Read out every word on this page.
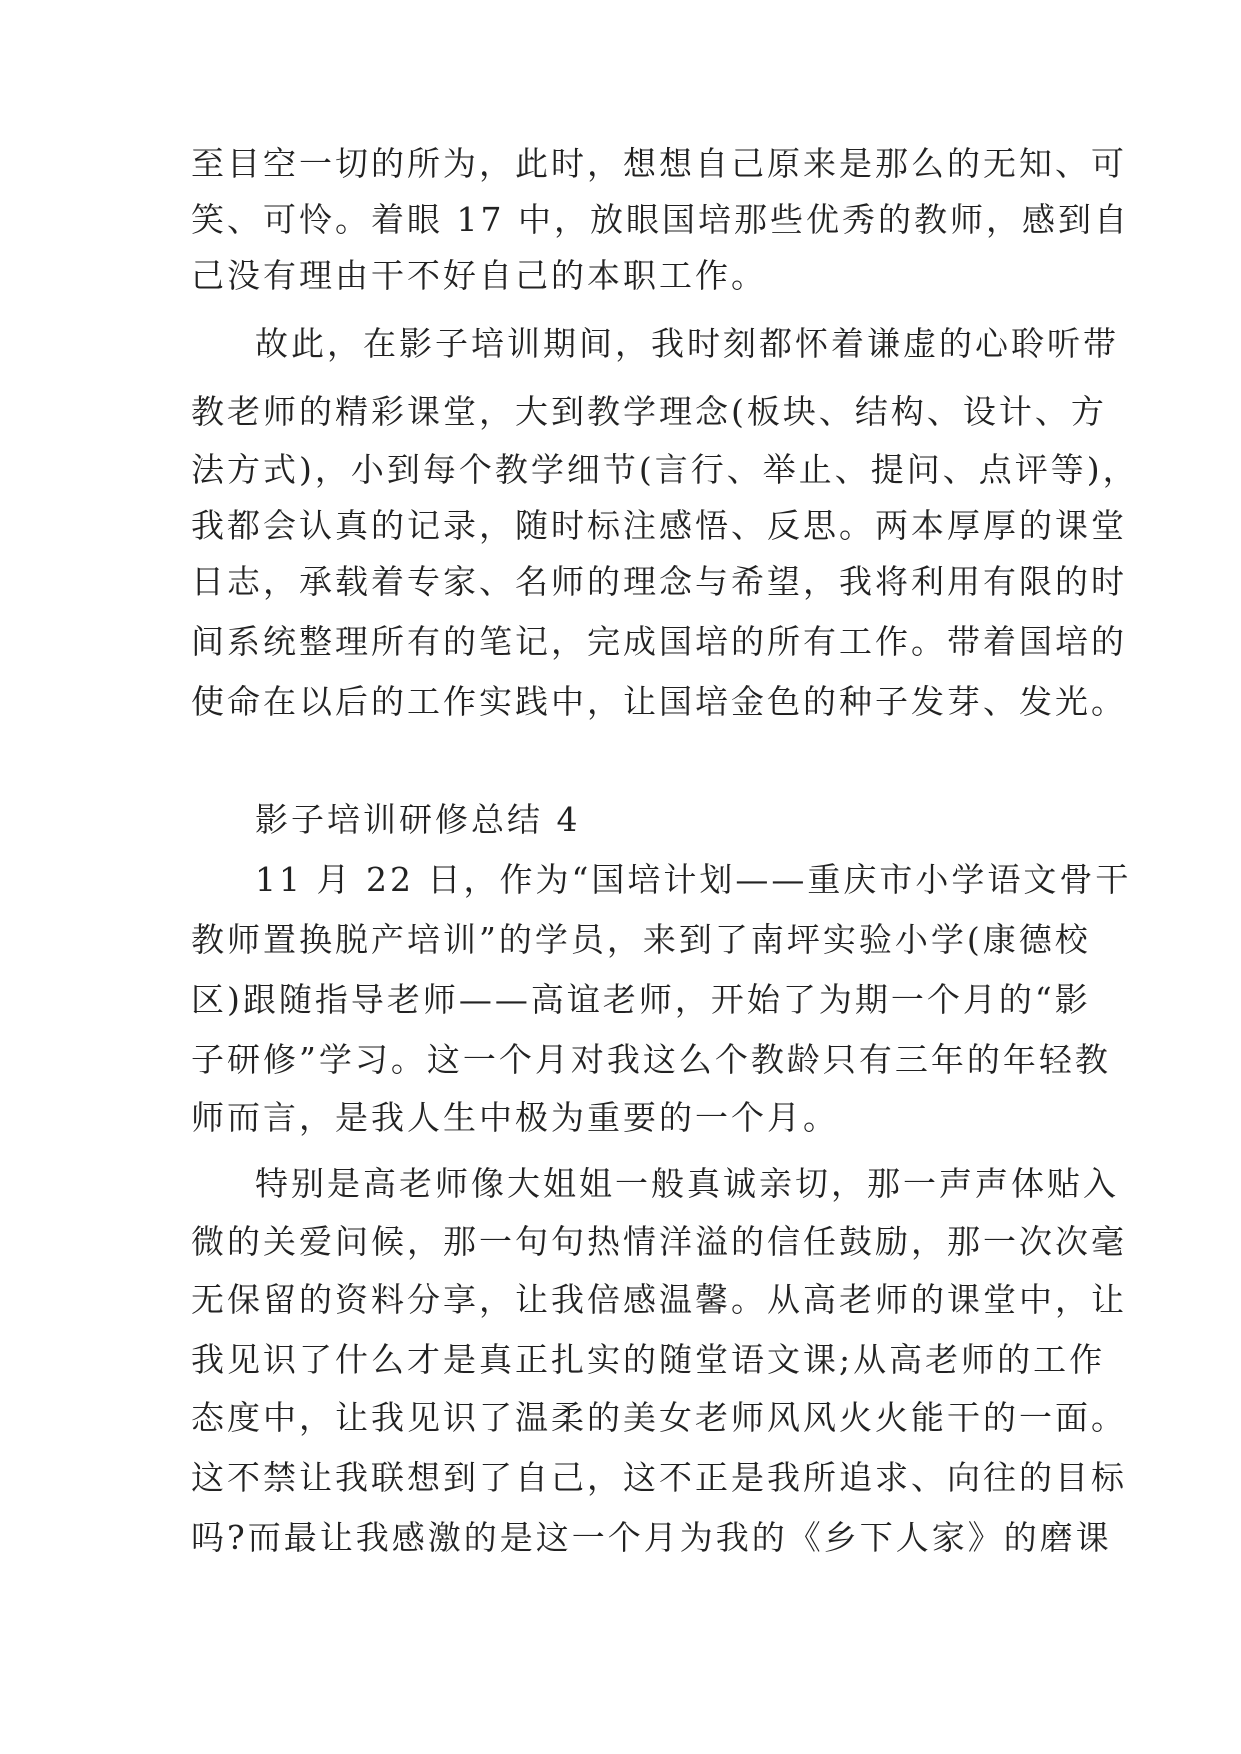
至目空一切的所为，此时，想想自己原来是那么的无知、可
笑、可怜。着眼 17 中，放眼国培那些优秀的教师，感到自
己没有理由干不好自己的本职工作。
故此，在影子培训期间，我时刻都怀着谦虚的心聆听带
教老师的精彩课堂，大到教学理念(板块、结构、设计、方
法方式)，小到每个教学细节(言行、举止、提问、点评等)，
我都会认真的记录，随时标注感悟、反思。两本厚厚的课堂
日志，承载着专家、名师的理念与希望，我将利用有限的时
间系统整理所有的笔记，完成国培的所有工作。带着国培的
使命在以后的工作实践中，让国培金色的种子发芽、发光。
影子培训研修总结 4
11 月 22 日，作为“国培计划——重庆市小学语文骨干
教师置换脱产培训”的学员，来到了南坪实验小学(康德校
区)跟随指导老师——高谊老师，开始了为期一个月的“影
子研修”学习。这一个月对我这么个教龄只有三年的年轻教
师而言，是我人生中极为重要的一个月。
特别是高老师像大姐姐一般真诚亲切，那一声声体贴入
微的关爱问候，那一句句热情洋溢的信任鼓励，那一次次毫
无保留的资料分享，让我倍感温馨。从高老师的课堂中，让
我见识了什么才是真正扎实的随堂语文课;从高老师的工作
态度中，让我见识了温柔的美女老师风风火火能干的一面。
这不禁让我联想到了自己，这不正是我所追求、向往的目标
吗?而最让我感激的是这一个月为我的《乡下人家》的磨课
